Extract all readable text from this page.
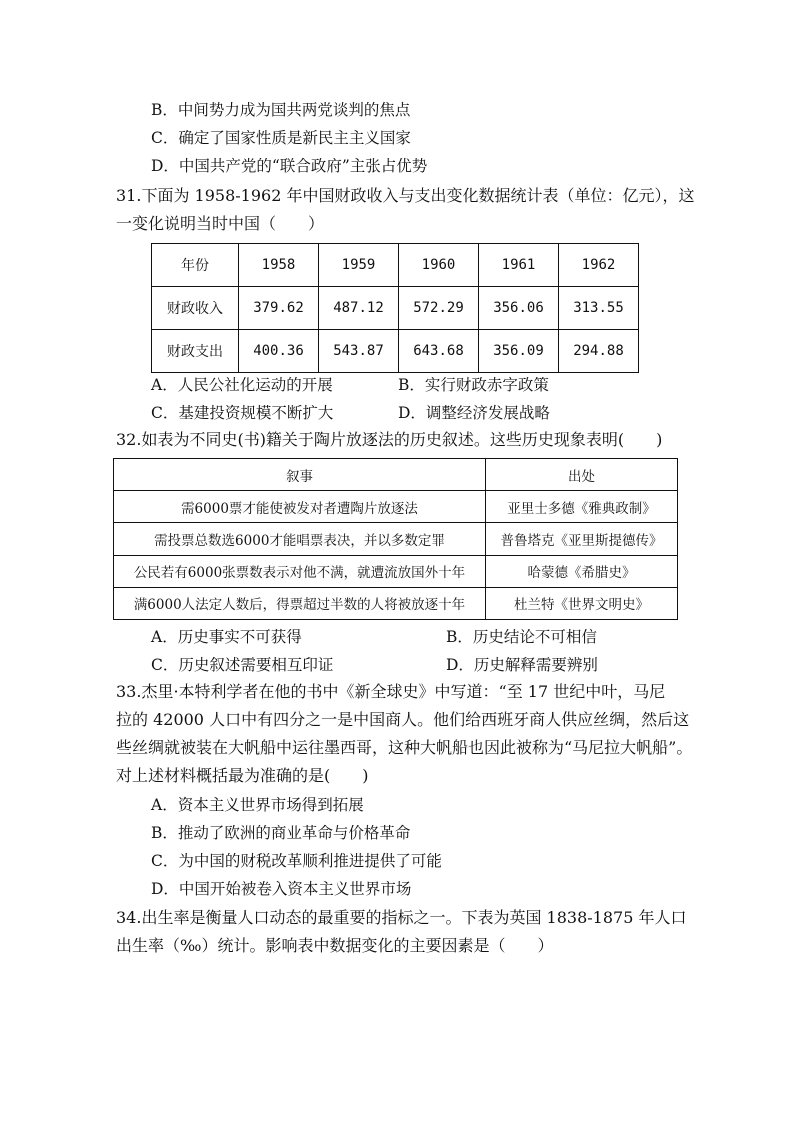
B．中间势力成为国共两党谈判的焦点
C．确定了国家性质是新民主主义国家
D．中国共产党的“联合政府”主张占优势
31.下面为 1958-1962 年中国财政收入与支出变化数据统计表（单位：亿元），这
一变化说明当时中国（　　）
年份	1958	1959	1960	1961	1962
财政收入	379.62	487.12	572.29	356.06	313.55
财政支出	400.36	543.87	643.68	356.09	294.88
A．人民公社化运动的开展	B．实行财政赤字政策
C．基建投资规模不断扩大	D．调整经济发展战略
32.如表为不同史(书)籍关于陶片放逐法的历史叙述。这些历史现象表明(　　)
叙事	出处
需6000票才能使被发对者遭陶片放逐法	亚里士多德《雅典政制》
需投票总数选6000才能唱票表决，并以多数定罪	普鲁塔克《亚里斯提德传》
公民若有6000张票数表示对他不满，就遭流放国外十年	哈蒙德《希腊史》
满6000人法定人数后，得票超过半数的人将被放逐十年	杜兰特《世界文明史》
A．历史事实不可获得	B．历史结论不可相信
C．历史叙述需要相互印证	D．历史解释需要辨别
33.杰里·本特利学者在他的书中《新全球史》中写道：“至 17 世纪中叶，马尼
拉的 42000 人口中有四分之一是中国商人。他们给西班牙商人供应丝绸，然后这
些丝绸就被装在大帆船中运往墨西哥，这种大帆船也因此被称为“马尼拉大帆船”。
对上述材料概括最为准确的是(　　)
A．资本主义世界市场得到拓展
B．推动了欧洲的商业革命与价格革命
C．为中国的财税改革顺利推进提供了可能
D．中国开始被卷入资本主义世界市场
34.出生率是衡量人口动态的最重要的指标之一。下表为英国 1838-1875 年人口
出生率（‰）统计。影响表中数据变化的主要因素是（　　）
